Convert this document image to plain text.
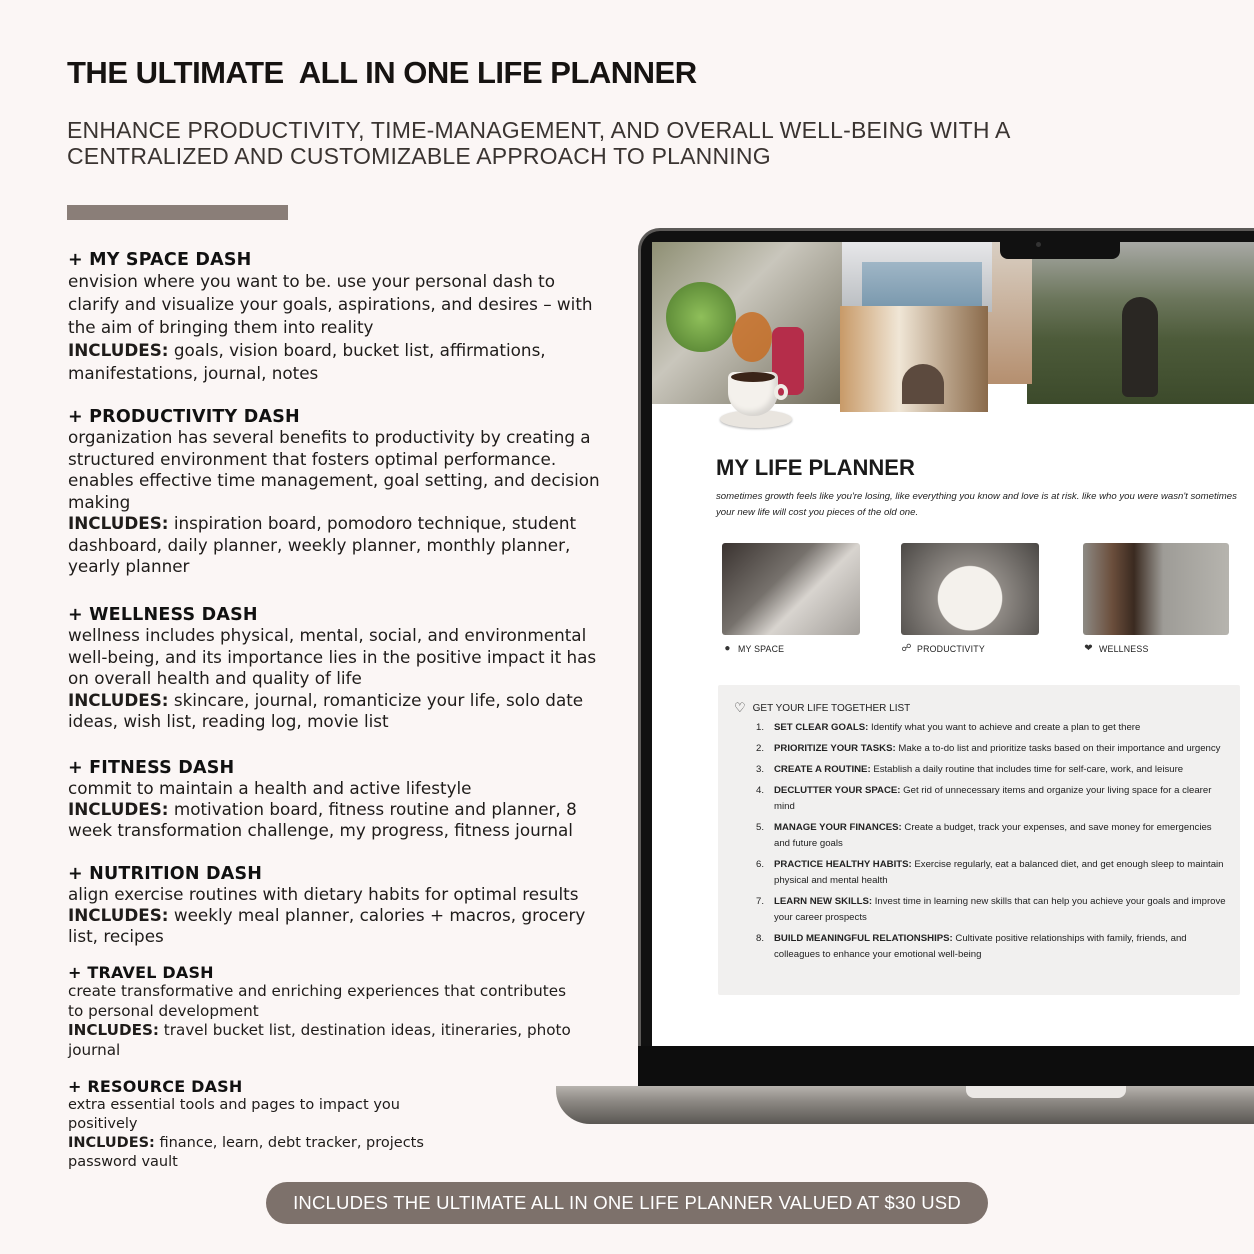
THE ULTIMATE  ALL IN ONE LIFE PLANNER
ENHANCE PRODUCTIVITY, TIME-MANAGEMENT, AND OVERALL WELL-BEING WITH A CENTRALIZED AND CUSTOMIZABLE APPROACH TO PLANNING
+ MY SPACE DASH
envision where you want to be. use your personal dash to clarify and visualize your goals, aspirations, and desires – with the aim of bringing them into reality
INCLUDES: goals, vision board, bucket list, affirmations, manifestations, journal, notes
+ PRODUCTIVITY DASH
organization has several benefits to productivity by creating a structured environment that fosters optimal performance. enables effective time management, goal setting, and decision making
INCLUDES: inspiration board, pomodoro technique, student dashboard, daily planner, weekly planner, monthly planner, yearly planner
+ WELLNESS DASH
wellness includes physical, mental, social, and environmental well-being, and its importance lies in the positive impact it has on overall health and quality of life
INCLUDES: skincare, journal, romanticize your life, solo date ideas, wish list, reading log, movie list
+ FITNESS DASH
commit to maintain a health and active lifestyle
INCLUDES: motivation board, fitness routine and planner, 8 week transformation challenge, my progress, fitness journal
+ NUTRITION DASH
align exercise routines with dietary habits for optimal results
INCLUDES: weekly meal planner, calories + macros, grocery list, recipes
+ TRAVEL DASH
create transformative and enriching experiences that contributes to personal development
INCLUDES: travel bucket list, destination ideas, itineraries, photo journal
+ RESOURCE DASH
extra essential tools and pages to impact you positively
INCLUDES: finance, learn, debt tracker, projects password vault
MY LIFE PLANNER
sometimes growth feels like you're losing, like everything you know and love is at risk. like who you were wasn't sometimes your new life will cost you pieces of the old one.
● MY SPACE	☍ PRODUCTIVITY	❤ WELLNESS
♡ GET YOUR LIFE TOGETHER LIST
1. SET CLEAR GOALS: Identify what you want to achieve and create a plan to get there
2. PRIORITIZE YOUR TASKS: Make a to-do list and prioritize tasks based on their importance and urgency
3. CREATE A ROUTINE: Establish a daily routine that includes time for self-care, work, and leisure
4. DECLUTTER YOUR SPACE: Get rid of unnecessary items and organize your living space for a clearer mind
5. MANAGE YOUR FINANCES: Create a budget, track your expenses, and save money for emergencies and future goals
6. PRACTICE HEALTHY HABITS: Exercise regularly, eat a balanced diet, and get enough sleep to maintain physical and mental health
7. LEARN NEW SKILLS: Invest time in learning new skills that can help you achieve your goals and improve your career prospects
8. BUILD MEANINGFUL RELATIONSHIPS: Cultivate positive relationships with family, friends, and colleagues to enhance your emotional well-being
INCLUDES THE ULTIMATE ALL IN ONE LIFE PLANNER VALUED AT $30 USD
